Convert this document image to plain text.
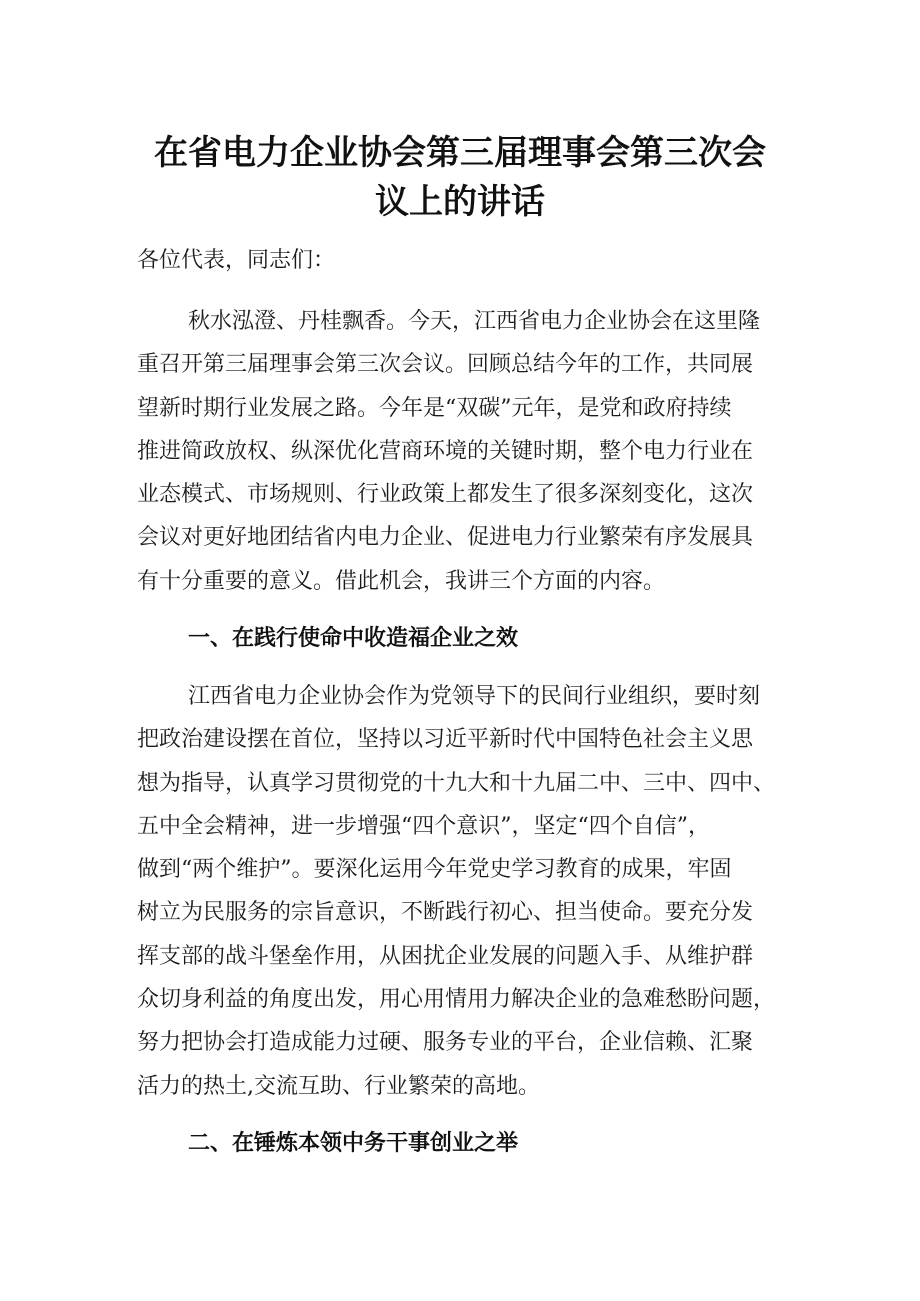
在省电力企业协会第三届理事会第三次会
议上的讲话
各位代表，同志们：
秋水泓澄、丹桂飘香。今天，江西省电力企业协会在这里隆
重召开第三届理事会第三次会议。回顾总结今年的工作，共同展
望新时期行业发展之路。今年是“双碳”元年，是党和政府持续
推进简政放权、纵深优化营商环境的关键时期，整个电力行业在
业态模式、市场规则、行业政策上都发生了很多深刻变化，这次
会议对更好地团结省内电力企业、促进电力行业繁荣有序发展具
有十分重要的意义。借此机会，我讲三个方面的内容。
一、在践行使命中收造福企业之效
江西省电力企业协会作为党领导下的民间行业组织，要时刻
把政治建设摆在首位，坚持以习近平新时代中国特色社会主义思
想为指导，认真学习贯彻党的十九大和十九届二中、三中、四中、
五中全会精神，进一步增强“四个意识”，坚定“四个自信”，
做到“两个维护”。要深化运用今年党史学习教育的成果，牢固
树立为民服务的宗旨意识，不断践行初心、担当使命。要充分发
挥支部的战斗堡垒作用，从困扰企业发展的问题入手、从维护群
众切身利益的角度出发，用心用情用力解决企业的急难愁盼问题，
努力把协会打造成能力过硬、服务专业的平台，企业信赖、汇聚
活力的热土,交流互助、行业繁荣的高地。
二、在锤炼本领中务干事创业之举
